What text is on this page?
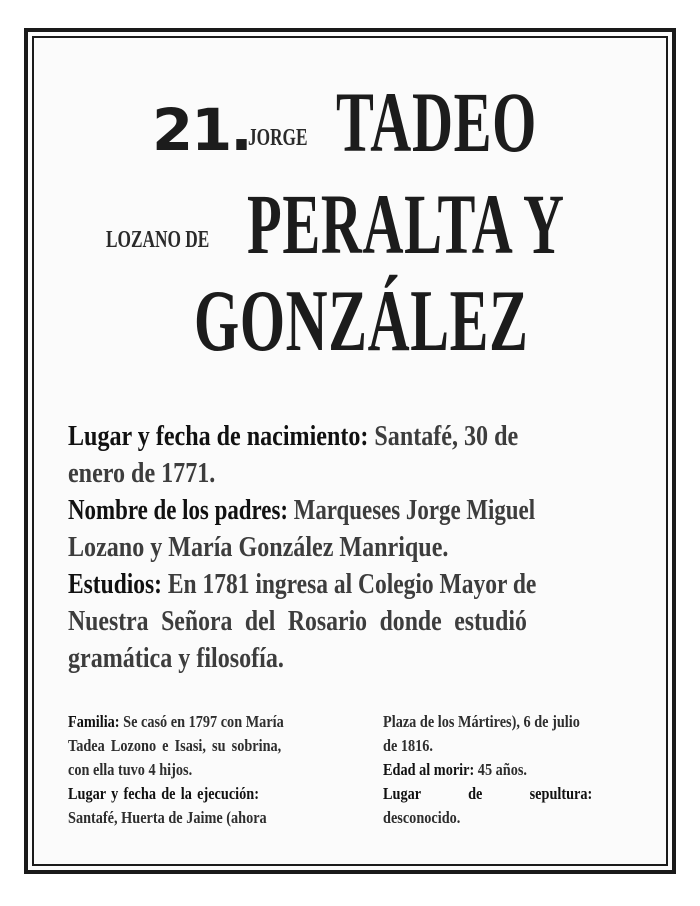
21.
JORGE TADEO
LOZANO DE PERALTA Y
GONZÁLEZ
Lugar y fecha de nacimiento: Santafé, 30 de
enero de 1771.
Nombre de los padres: Marqueses Jorge Miguel
Lozano y María González Manrique.
Estudios: En 1781 ingresa al Colegio Mayor de
Nuestra Señora del Rosario donde estudió
gramática y filosofía.
Familia: Se casó en 1797 con María
Tadea Lozono e Isasi, su sobrina,
con ella tuvo 4 hijos.
Lugar y fecha de la ejecución:
Santafé, Huerta de Jaime (ahora
Plaza de los Mártires), 6 de julio
de 1816.
Edad al morir: 45 años.
Lugar de sepultura:
desconocido.
